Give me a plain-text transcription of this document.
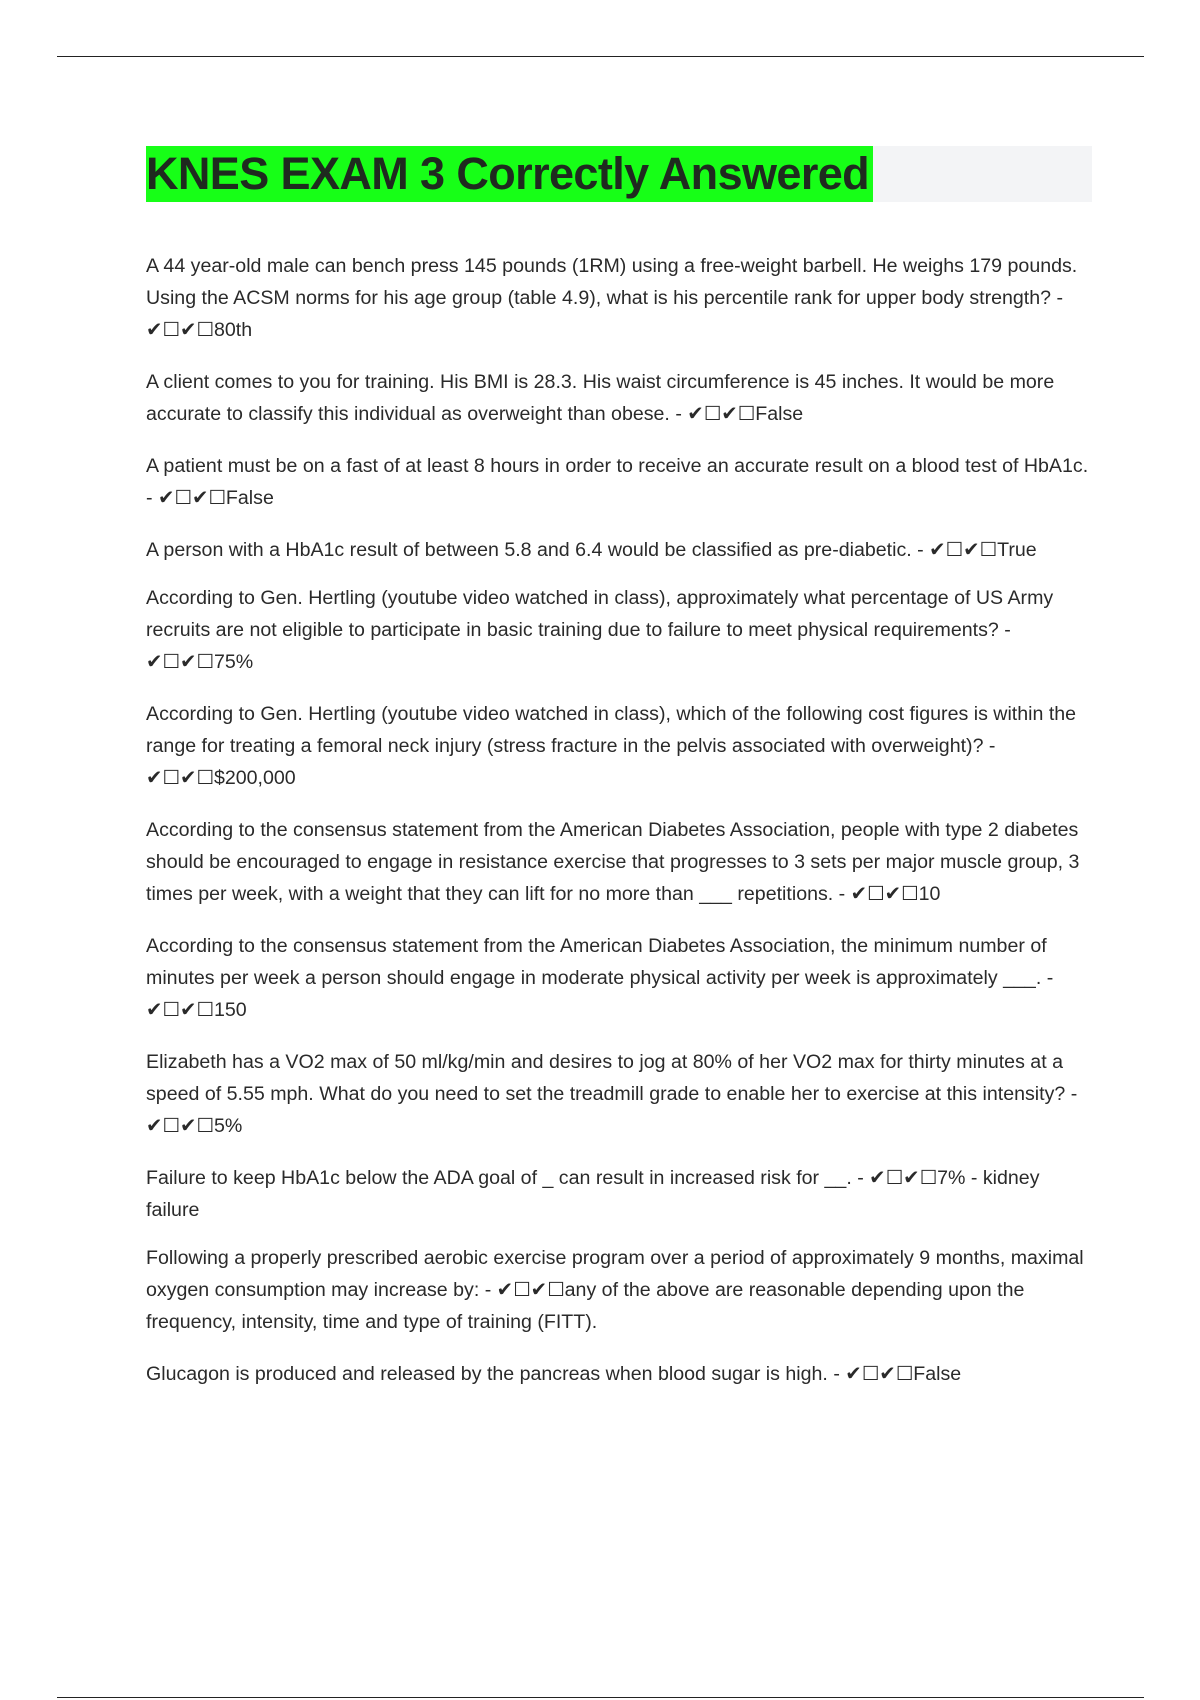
KNES EXAM 3 Correctly Answered

A 44 year-old male can bench press 145 pounds (1RM) using a free-weight barbell. He weighs 179 pounds. Using the ACSM norms for his age group (table 4.9), what is his percentile rank for upper body strength? - ✔☐✔☐80th

A client comes to you for training. His BMI is 28.3. His waist circumference is 45 inches. It would be more accurate to classify this individual as overweight than obese. - ✔☐✔☐False

A patient must be on a fast of at least 8 hours in order to receive an accurate result on a blood test of HbA1c. - ✔☐✔☐False

A person with a HbA1c result of between 5.8 and 6.4 would be classified as pre-diabetic. - ✔☐✔☐True

According to Gen. Hertling (youtube video watched in class), approximately what percentage of US Army recruits are not eligible to participate in basic training due to failure to meet physical requirements? - ✔☐✔☐75%

According to Gen. Hertling (youtube video watched in class), which of the following cost figures is within the range for treating a femoral neck injury (stress fracture in the pelvis associated with overweight)? - ✔☐✔☐$200,000

According to the consensus statement from the American Diabetes Association, people with type 2 diabetes should be encouraged to engage in resistance exercise that progresses to 3 sets per major muscle group, 3 times per week, with a weight that they can lift for no more than ___ repetitions. - ✔☐✔☐10

According to the consensus statement from the American Diabetes Association, the minimum number of minutes per week a person should engage in moderate physical activity per week is approximately ___. - ✔☐✔☐150

Elizabeth has a VO2 max of 50 ml/kg/min and desires to jog at 80% of her VO2 max for thirty minutes at a speed of 5.55 mph. What do you need to set the treadmill grade to enable her to exercise at this intensity? - ✔☐✔☐5%

Failure to keep HbA1c below the ADA goal of _ can result in increased risk for __. - ✔☐✔☐7% - kidney failure

Following a properly prescribed aerobic exercise program over a period of approximately 9 months, maximal oxygen consumption may increase by: - ✔☐✔☐any of the above are reasonable depending upon the frequency, intensity, time and type of training (FITT).

Glucagon is produced and released by the pancreas when blood sugar is high. - ✔☐✔☐False
